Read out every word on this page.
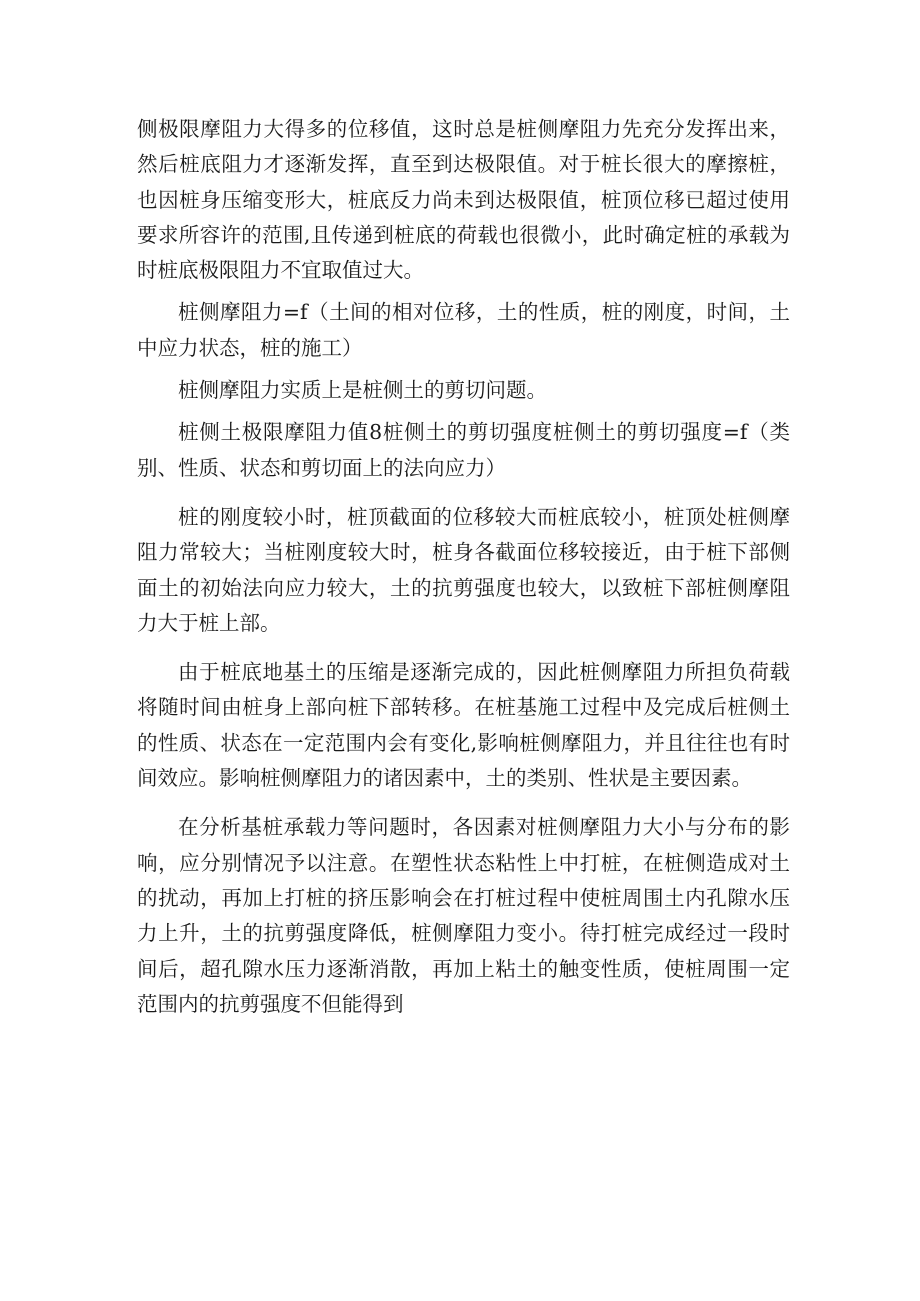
侧极限摩阻力大得多的位移值，这时总是桩侧摩阻力先充分发挥出来，然后桩底阻力才逐渐发挥，直至到达极限值。对于桩长很大的摩擦桩，也因桩身压缩变形大，桩底反力尚未到达极限值，桩顶位移已超过使用要求所容许的范围,且传递到桩底的荷载也很微小，此时确定桩的承载为时桩底极限阻力不宜取值过大。

桩侧摩阻力=f（土间的相对位移，土的性质，桩的刚度，时间，土中应力状态，桩的施工）

桩侧摩阻力实质上是桩侧土的剪切问题。

桩侧土极限摩阻力值8桩侧土的剪切强度桩侧土的剪切强度=f（类别、性质、状态和剪切面上的法向应力）

桩的刚度较小时，桩顶截面的位移较大而桩底较小，桩顶处桩侧摩阻力常较大；当桩刚度较大时，桩身各截面位移较接近，由于桩下部侧面土的初始法向应力较大，土的抗剪强度也较大，以致桩下部桩侧摩阻力大于桩上部。

由于桩底地基土的压缩是逐渐完成的，因此桩侧摩阻力所担负荷载将随时间由桩身上部向桩下部转移。在桩基施工过程中及完成后桩侧土的性质、状态在一定范围内会有变化,影响桩侧摩阻力，并且往往也有时间效应。影响桩侧摩阻力的诸因素中，土的类别、性状是主要因素。

在分析基桩承载力等问题时，各因素对桩侧摩阻力大小与分布的影响，应分别情况予以注意。在塑性状态粘性上中打桩，在桩侧造成对土的扰动，再加上打桩的挤压影响会在打桩过程中使桩周围土内孔隙水压力上升，土的抗剪强度降低，桩侧摩阻力变小。待打桩完成经过一段时间后，超孔隙水压力逐渐消散，再加上粘土的触变性质，使桩周围一定范围内的抗剪强度不但能得到
